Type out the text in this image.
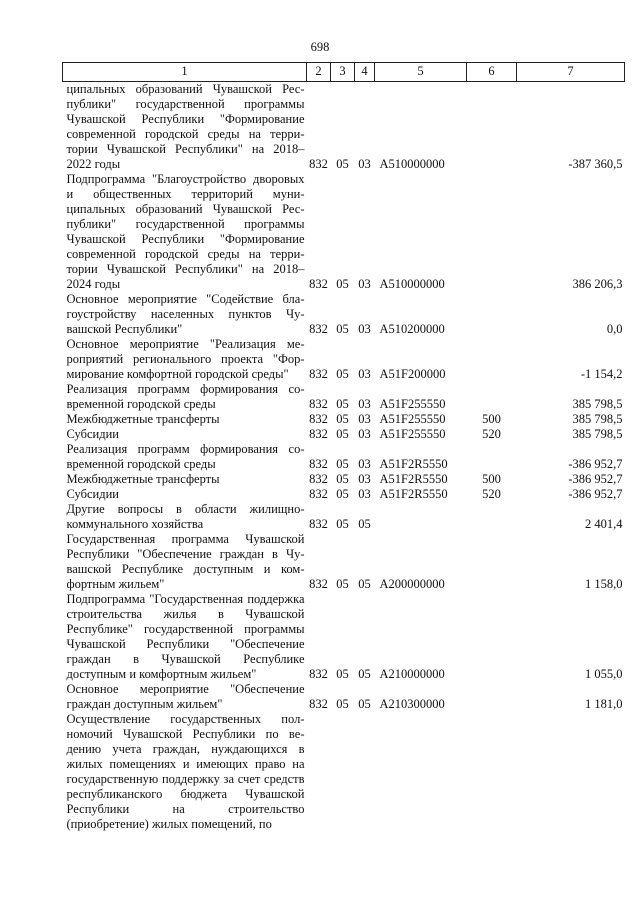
698
1	2	3	4	5	6	7
ципальных образований Чувашской Республики" государственной программы Чувашской Республики "Формирование современной городской среды на территории Чувашской Республики" на 2018–2022 годы	832	05	03	А510000000		-387 360,5
Подпрограмма "Благоустройство дворовых и общественных территорий муниципальных образований Чувашской Республики" государственной программы Чувашской Республики "Формирование современной городской среды на территории Чувашской Республики" на 2018–2024 годы	832	05	03	А510000000		386 206,3
Основное мероприятие "Содействие благоустройству населенных пунктов Чувашской Республики"	832	05	03	А510200000		0,0
Основное мероприятие "Реализация мероприятий регионального проекта "Формирование комфортной городской среды"	832	05	03	А51F200000		-1 154,2
Реализация программ формирования современной городской среды	832	05	03	А51F255550		385 798,5
Межбюджетные трансферты	832	05	03	А51F255550	500	385 798,5
Субсидии	832	05	03	А51F255550	520	385 798,5
Реализация программ формирования современной городской среды	832	05	03	А51F2R5550		-386 952,7
Межбюджетные трансферты	832	05	03	А51F2R5550	500	-386 952,7
Субсидии	832	05	03	А51F2R5550	520	-386 952,7
Другие вопросы в области жилищно-коммунального хозяйства	832	05	05			2 401,4
Государственная программа Чувашской Республики "Обеспечение граждан в Чувашской Республике доступным и комфортным жильем"	832	05	05	А200000000		1 158,0
Подпрограмма "Государственная поддержка строительства жилья в Чувашской Республике" государственной программы Чувашской Республики "Обеспечение граждан в Чувашской Республике доступным и комфортным жильем"	832	05	05	А210000000		1 055,0
Основное мероприятие "Обеспечение граждан доступным жильем"	832	05	05	А210300000		1 181,0
Осуществление государственных полномочий Чувашской Республики по ведению учета граждан, нуждающихся в жилых помещениях и имеющих право на государственную поддержку за счет средств республиканского бюджета Чувашской Республики на строительство (приобретение) жилых помещений, по						
